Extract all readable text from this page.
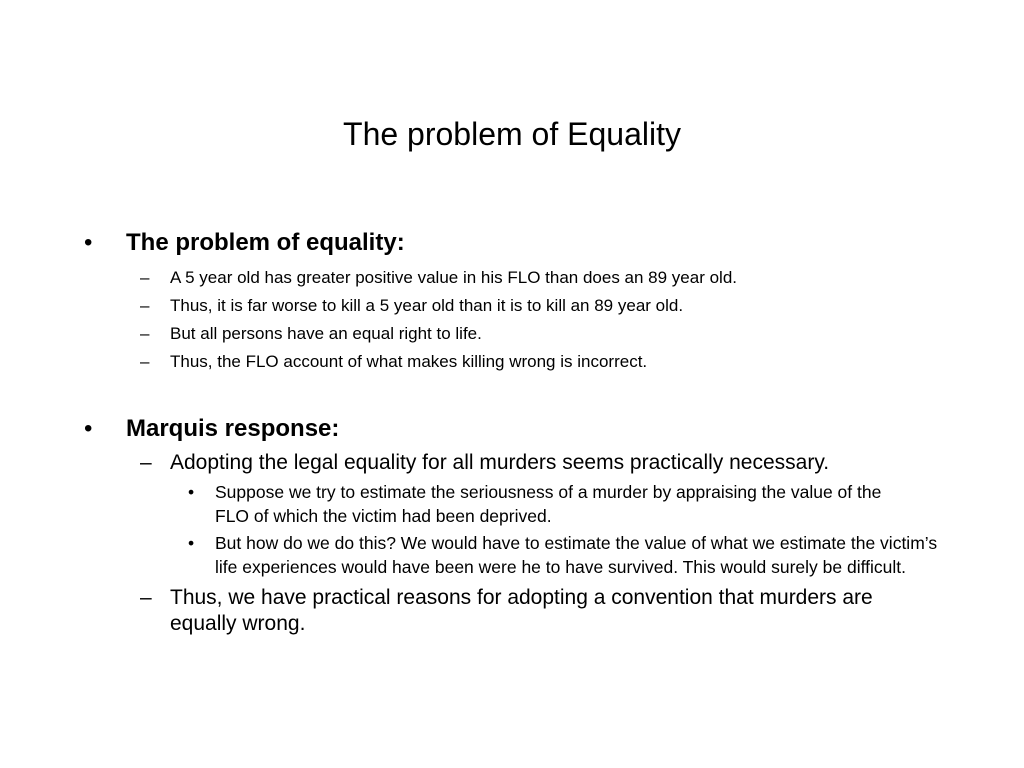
The problem of Equality
• The problem of equality:
– A 5 year old has greater positive value in his FLO than does an 89 year old.
– Thus, it is far worse to kill a 5 year old than it is to kill an 89 year old.
– But all persons have an equal right to life.
– Thus, the FLO account of what makes killing wrong is incorrect.
• Marquis response:
– Adopting the legal equality for all murders seems practically necessary.
• Suppose we try to estimate the seriousness of a murder by appraising the value of the FLO of which the victim had been deprived.
• But how do we do this? We would have to estimate the value of what we estimate the victim’s life experiences would have been were he to have survived. This would surely be difficult.
– Thus, we have practical reasons for adopting a convention that murders are equally wrong.
